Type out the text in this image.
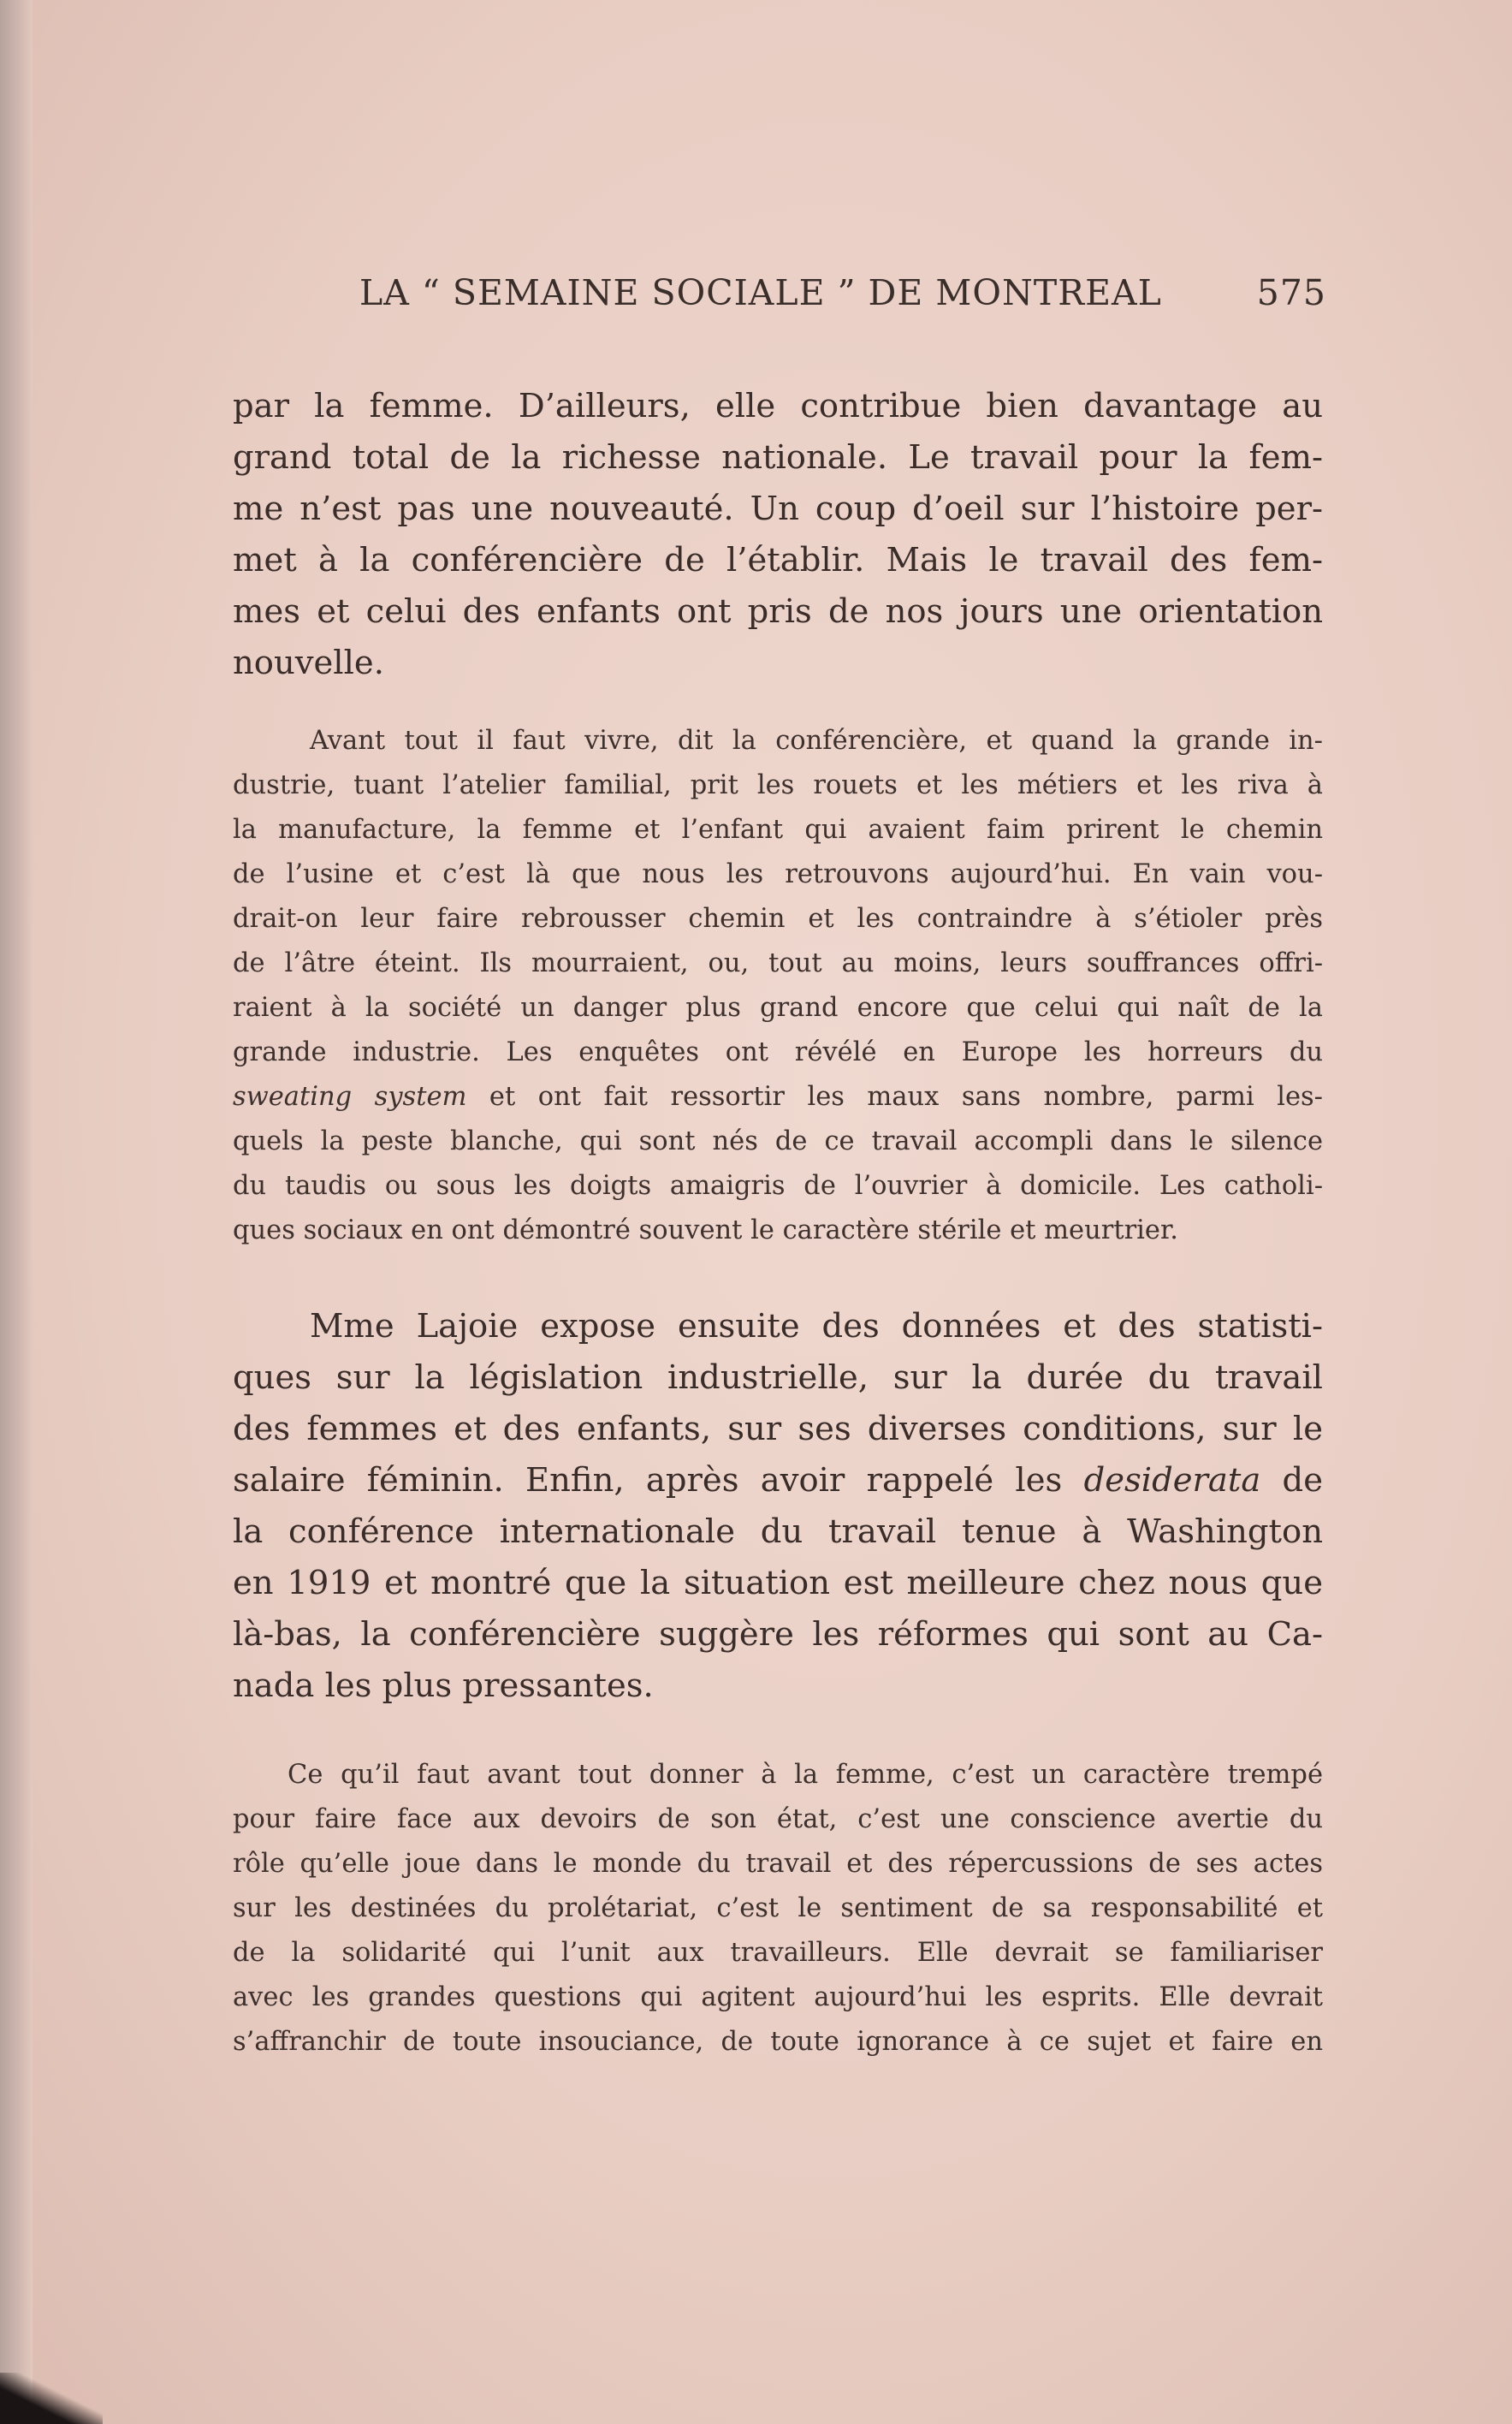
LA “ SEMAINE SOCIALE ” DE MONTREAL	575
par la femme. D’ailleurs, elle contribue bien davantage au
grand total de la richesse nationale. Le travail pour la fem-
me n’est pas une nouveauté. Un coup d’oeil sur l’histoire per-
met à la conférencière de l’établir. Mais le travail des fem-
mes et celui des enfants ont pris de nos jours une orientation
nouvelle.
Avant tout il faut vivre, dit la conférencière, et quand la grande in-
dustrie, tuant l’atelier familial, prit les rouets et les métiers et les riva à
la manufacture, la femme et l’enfant qui avaient faim prirent le chemin
de l’usine et c’est là que nous les retrouvons aujourd’hui. En vain vou-
drait-on leur faire rebrousser chemin et les contraindre à s’étioler près
de l’âtre éteint. Ils mourraient, ou, tout au moins, leurs souffrances offri-
raient à la société un danger plus grand encore que celui qui naît de la
grande industrie. Les enquêtes ont révélé en Europe les horreurs du
sweating system et ont fait ressortir les maux sans nombre, parmi les-
quels la peste blanche, qui sont nés de ce travail accompli dans le silence
du taudis ou sous les doigts amaigris de l’ouvrier à domicile. Les catholi-
ques sociaux en ont démontré souvent le caractère stérile et meurtrier.
Mme Lajoie expose ensuite des données et des statisti-
ques sur la législation industrielle, sur la durée du travail
des femmes et des enfants, sur ses diverses conditions, sur le
salaire féminin. Enfin, après avoir rappelé les desiderata de
la conférence internationale du travail tenue à Washington
en 1919 et montré que la situation est meilleure chez nous que
là-bas, la conférencière suggère les réformes qui sont au Ca-
nada les plus pressantes.
Ce qu’il faut avant tout donner à la femme, c’est un caractère trempé
pour faire face aux devoirs de son état, c’est une conscience avertie du
rôle qu’elle joue dans le monde du travail et des répercussions de ses actes
sur les destinées du prolétariat, c’est le sentiment de sa responsabilité et
de la solidarité qui l’unit aux travailleurs. Elle devrait se familiariser
avec les grandes questions qui agitent aujourd’hui les esprits. Elle devrait
s’affranchir de toute insouciance, de toute ignorance à ce sujet et faire en
